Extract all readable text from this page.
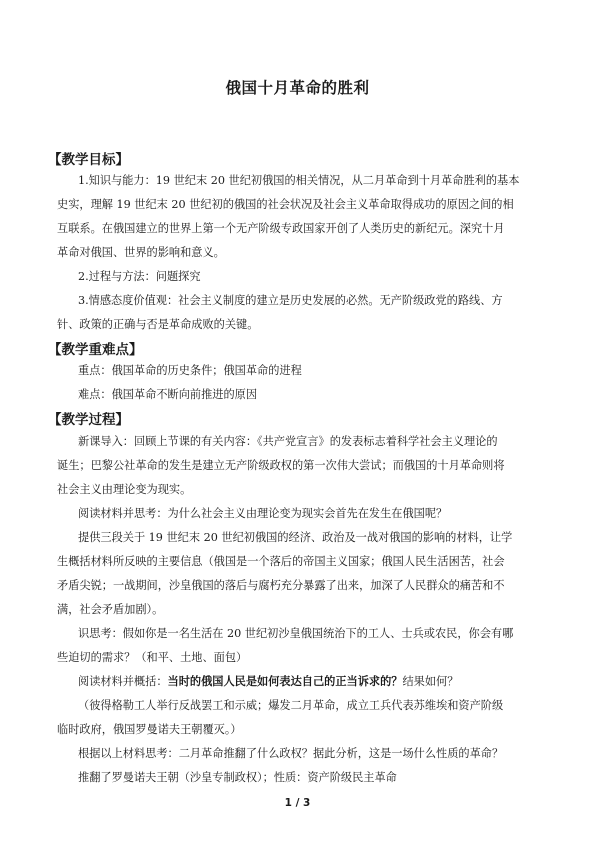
俄国十月革命的胜利
【教学目标】
1.知识与能力：19 世纪末 20 世纪初俄国的相关情况，从二月革命到十月革命胜利的基本
史实，理解 19 世纪末 20 世纪初的俄国的社会状况及社会主义革命取得成功的原因之间的相
互联系。在俄国建立的世界上第一个无产阶级专政国家开创了人类历史的新纪元。深究十月
革命对俄国、世界的影响和意义。
2.过程与方法：问题探究
3.情感态度价值观：社会主义制度的建立是历史发展的必然。无产阶级政党的路线、方
针、政策的正确与否是革命成败的关键。
【教学重难点】
重点：俄国革命的历史条件；俄国革命的进程
难点：俄国革命不断向前推进的原因
【教学过程】
新课导入：回顾上节课的有关内容：《共产党宣言》的发表标志着科学社会主义理论的
诞生；巴黎公社革命的发生是建立无产阶级政权的第一次伟大尝试；而俄国的十月革命则将
社会主义由理论变为现实。
阅读材料并思考：为什么社会主义由理论变为现实会首先在发生在俄国呢？
提供三段关于 19 世纪末 20 世纪初俄国的经济、政治及一战对俄国的影响的材料，让学
生概括材料所反映的主要信息（俄国是一个落后的帝国主义国家；俄国人民生活困苦，社会
矛盾尖锐；一战期间，沙皇俄国的落后与腐朽充分暴露了出来，加深了人民群众的痛苦和不
满，社会矛盾加剧）。
识思考：假如你是一名生活在 20 世纪初沙皇俄国统治下的工人、士兵或农民，你会有哪
些迫切的需求？（和平、土地、面包）
阅读材料并概括：当时的俄国人民是如何表达自己的正当诉求的？结果如何？
（彼得格勒工人举行反战罢工和示威；爆发二月革命，成立工兵代表苏维埃和资产阶级
临时政府，俄国罗曼诺夫王朝覆灭。）
根据以上材料思考：二月革命推翻了什么政权？据此分析，这是一场什么性质的革命？
推翻了罗曼诺夫王朝（沙皇专制政权）；性质：资产阶级民主革命
1 / 3
